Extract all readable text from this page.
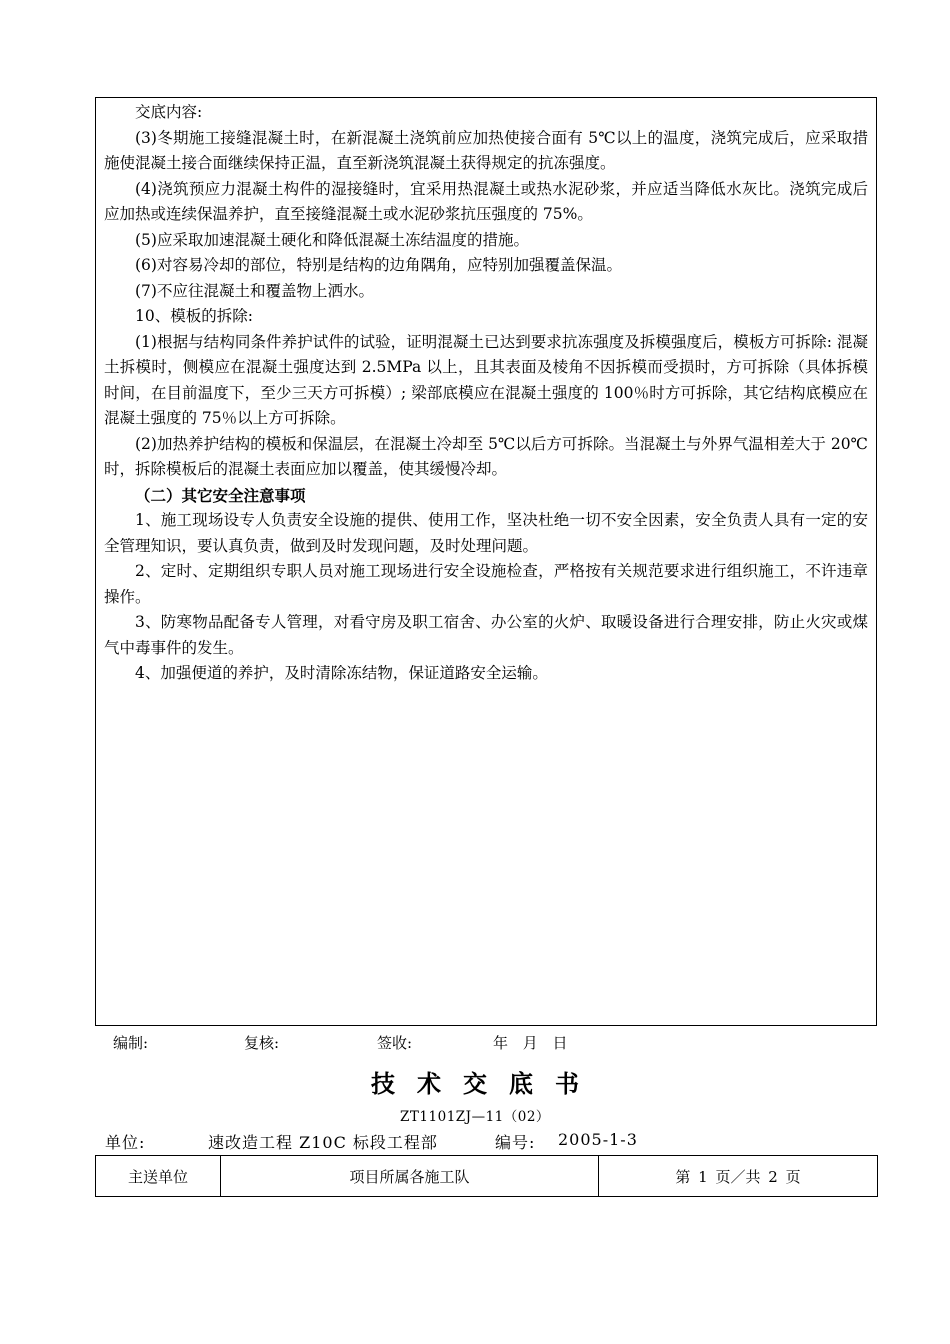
交底内容:

(3)冬期施工接缝混凝土时，在新混凝土浇筑前应加热使接合面有 5℃以上的温度，浇筑完成后，应采取措施使混凝土接合面继续保持正温，直至新浇筑混凝土获得规定的抗冻强度。

(4)浇筑预应力混凝土构件的湿接缝时，宜采用热混凝土或热水泥砂浆，并应适当降低水灰比。浇筑完成后应加热或连续保温养护，直至接缝混凝土或水泥砂浆抗压强度的 75%。

(5)应采取加速混凝土硬化和降低混凝土冻结温度的措施。

(6)对容易冷却的部位，特别是结构的边角隅角，应特别加强覆盖保温。

(7)不应往混凝土和覆盖物上洒水。

10、模板的拆除:

(1)根据与结构同条件养护试件的试验，证明混凝土已达到要求抗冻强度及拆模强度后，模板方可拆除: 混凝土拆模时，侧模应在混凝土强度达到 2.5MPa 以上，且其表面及棱角不因拆模而受损时，方可拆除（具体拆模时间，在目前温度下，至少三天方可拆模）; 梁部底模应在混凝土强度的 100％时方可拆除，其它结构底模应在混凝土强度的 75％以上方可拆除。

(2)加热养护结构的模板和保温层，在混凝土冷却至 5℃以后方可拆除。当混凝土与外界气温相差大于 20℃时，拆除模板后的混凝土表面应加以覆盖，使其缓慢冷却。

（二）其它安全注意事项

1、施工现场设专人负责安全设施的提供、使用工作，坚决杜绝一切不安全因素，安全负责人具有一定的安全管理知识，要认真负责，做到及时发现问题，及时处理问题。

2、定时、定期组织专职人员对施工现场进行安全设施检查，严格按有关规范要求进行组织施工，不许违章操作。

3、防寒物品配备专人管理，对看守房及职工宿舍、办公室的火炉、取暖设备进行合理安排，防止火灾或煤气中毒事件的发生。

4、加强便道的养护，及时清除冻结物，保证道路安全运输。

编制:	复核:	签收:	年 月 日
技术交底书
ZT1101ZJ—11（02）
单位:	速改造工程 Z10C 标段工程部	编号: 2005-1-3
主送单位	项目所属各施工队	第 1 页／共 2 页
